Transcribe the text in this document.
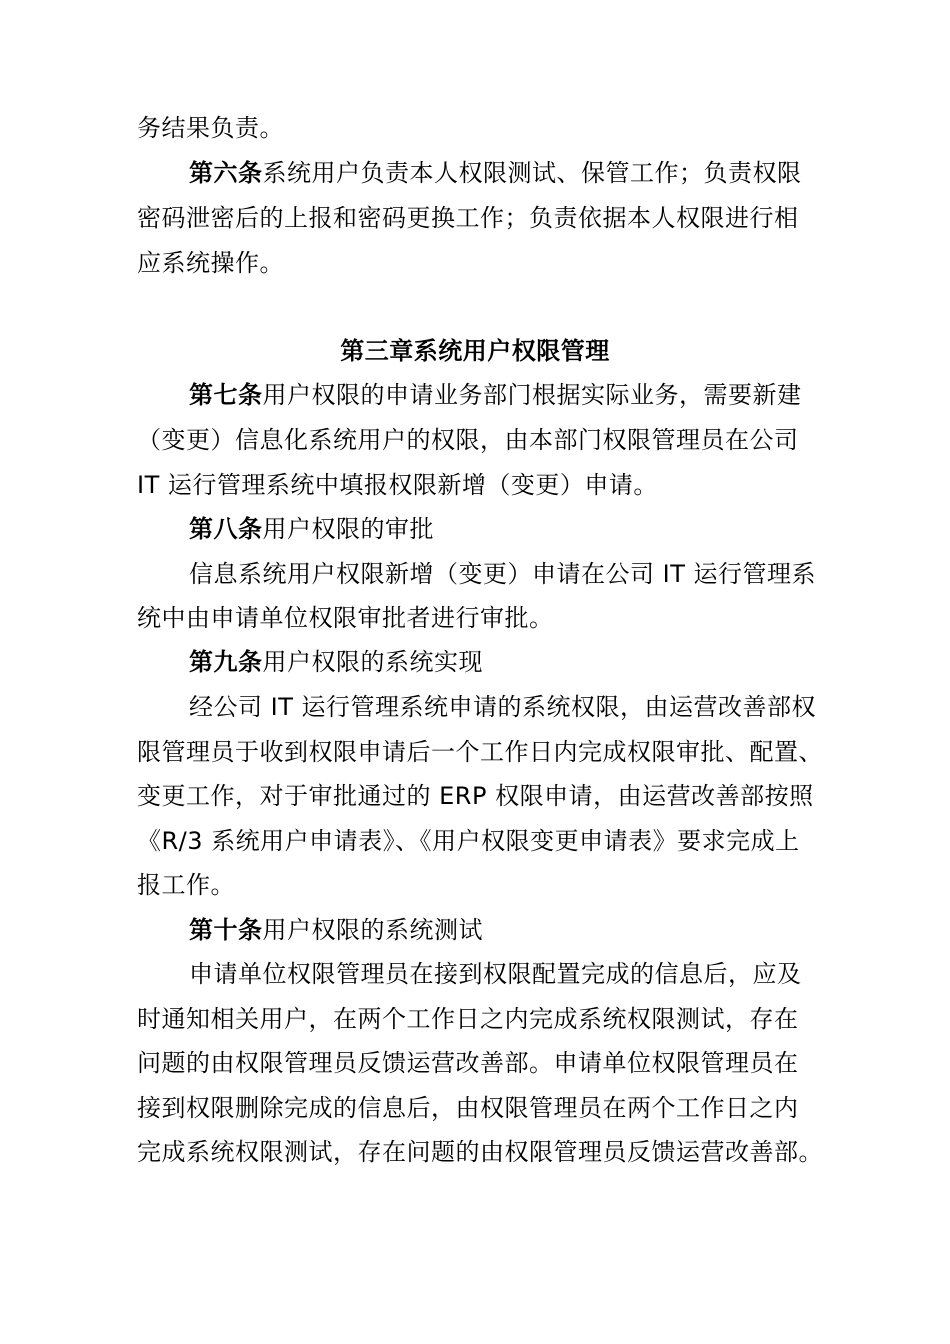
务结果负责。
第六条系统用户负责本人权限测试、保管工作；负责权限
密码泄密后的上报和密码更换工作；负责依据本人权限进行相
应系统操作。
第三章系统用户权限管理
第七条用户权限的申请业务部门根据实际业务，需要新建
（变更）信息化系统用户的权限，由本部门权限管理员在公司
IT 运行管理系统中填报权限新增（变更）申请。
第八条用户权限的审批
信息系统用户权限新增（变更）申请在公司 IT 运行管理系
统中由申请单位权限审批者进行审批。
第九条用户权限的系统实现
经公司 IT 运行管理系统申请的系统权限，由运营改善部权
限管理员于收到权限申请后一个工作日内完成权限审批、配置、
变更工作，对于审批通过的 ERP 权限申请，由运营改善部按照
《R/3 系统用户申请表》、《用户权限变更申请表》要求完成上
报工作。
第十条用户权限的系统测试
申请单位权限管理员在接到权限配置完成的信息后，应及
时通知相关用户，在两个工作日之内完成系统权限测试，存在
问题的由权限管理员反馈运营改善部。申请单位权限管理员在
接到权限删除完成的信息后，由权限管理员在两个工作日之内
完成系统权限测试，存在问题的由权限管理员反馈运营改善部。
